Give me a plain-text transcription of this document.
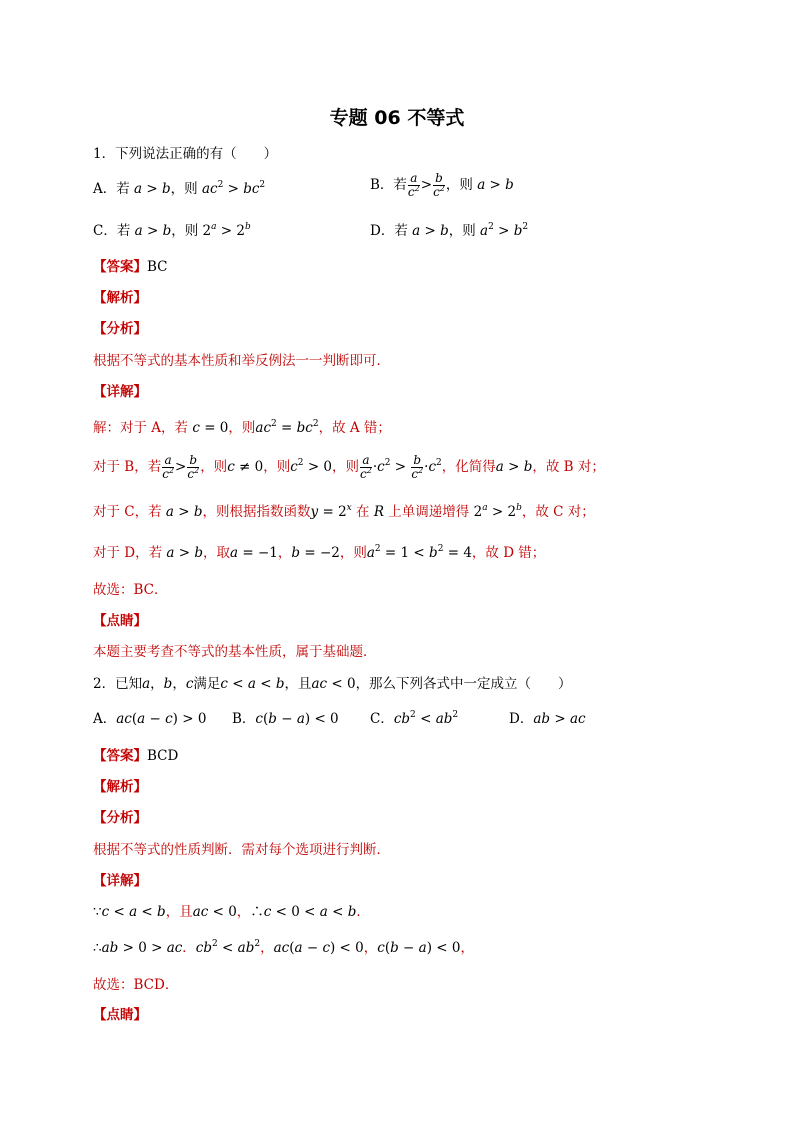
专题 06 不等式
1．下列说法正确的有（　　）
A．若 a > b，则 $ac^2 > bc^2$	B．若 $\frac{a}{c^2} > \frac{b}{c^2}$ ，则 a > b
C．若 a > b，则 $2^a > 2^b$	D．若 a > b，则 $a^2 > b^2$
【答案】BC
【解析】
【分析】
根据不等式的基本性质和举反例法一一判断即可．
【详解】
解：对于 A，若 c = 0，则$ac^2 = bc^2$，故 A 错；
对于 B，若 $\frac{a}{c^2} > \frac{b}{c^2}$ ，则c ≠ 0，则$c^2 > 0$，则 $\frac{a}{c^2} \cdot c^2 > \frac{b}{c^2} \cdot c^2$，化简得a > b，故 B 对；
对于 C，若 a > b，则根据指数函数$y = 2^x$ 在 R 上单调递增得 $2^a > 2^b$，故 C 对；
对于 D，若 a > b，取a = −1，b = −2，则$a^2 = 1 < b^2 = 4$，故 D 错；
故选：BC．
【点睛】
本题主要考查不等式的基本性质，属于基础题．
2．已知a，b，c满足c < a < b，且ac < 0，那么下列各式中一定成立（　　）
A．ac(a − c) > 0 B．c(b − a) < 0 C．$cb^2 < ab^2$	D．ab > ac
【答案】BCD
【解析】
【分析】
根据不等式的性质判断．需对每个选项进行判断．
【详解】
∵c < a < b，且ac < 0，∴c < 0 < a < b．
∴ab > 0 > ac．$cb^2 < ab^2$，ac(a − c) < 0，c(b − a) < 0，
故选：BCD．
【点睛】
